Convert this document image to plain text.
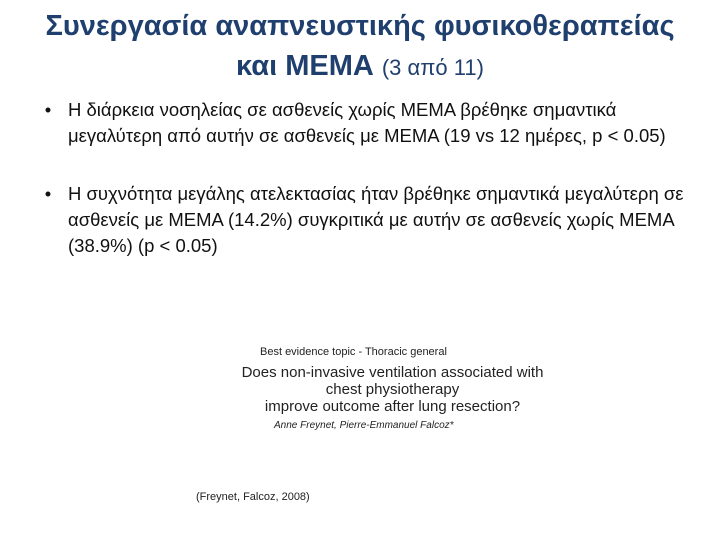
Συνεργασία αναπνευστικής φυσικοθεραπείας
και ΜΕΜΑ (3 από 11)
• Η διάρκεια νοσηλείας σε ασθενείς χωρίς ΜΕΜΑ βρέθηκε σημαντικά μεγαλύτερη από αυτήν σε ασθενείς με ΜΕΜΑ (19 vs 12 ημέρες, p < 0.05)
• Η συχνότητα μεγάλης ατελεκτασίας ήταν βρέθηκε σημαντικά μεγαλύτερη σε ασθενείς με ΜΕΜΑ (14.2%) συγκριτικά με αυτήν σε ασθενείς χωρίς ΜΕΜΑ (38.9%) (p < 0.05)
Best evidence topic - Thoracic general
Does non-invasive ventilation associated with chest physiotherapy
improve outcome after lung resection?
Anne Freynet, Pierre-Emmanuel Falcoz*
(Freynet, Falcoz, 2008)
